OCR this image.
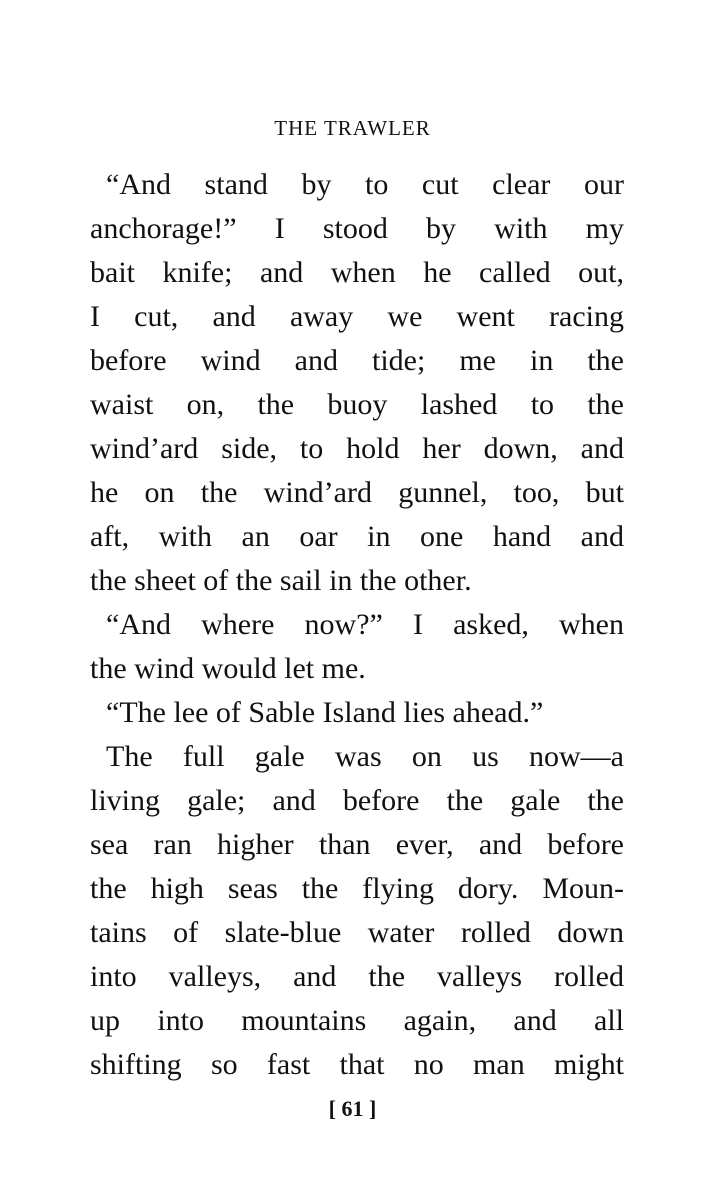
THE TRAWLER
“And stand by to cut clear our
anchorage!” I stood by with my
bait knife; and when he called out,
I cut, and away we went racing
before wind and tide; me in the
waist on, the buoy lashed to the
wind’ard side, to hold her down, and
he on the wind’ard gunnel, too, but
aft, with an oar in one hand and
the sheet of the sail in the other.
“And where now?” I asked, when
the wind would let me.
“The lee of Sable Island lies ahead.”
The full gale was on us now—a
living gale; and before the gale the
sea ran higher than ever, and before
the high seas the flying dory. Moun-
tains of slate-blue water rolled down
into valleys, and the valleys rolled
up into mountains again, and all
shifting so fast that no man might
[ 61 ]
